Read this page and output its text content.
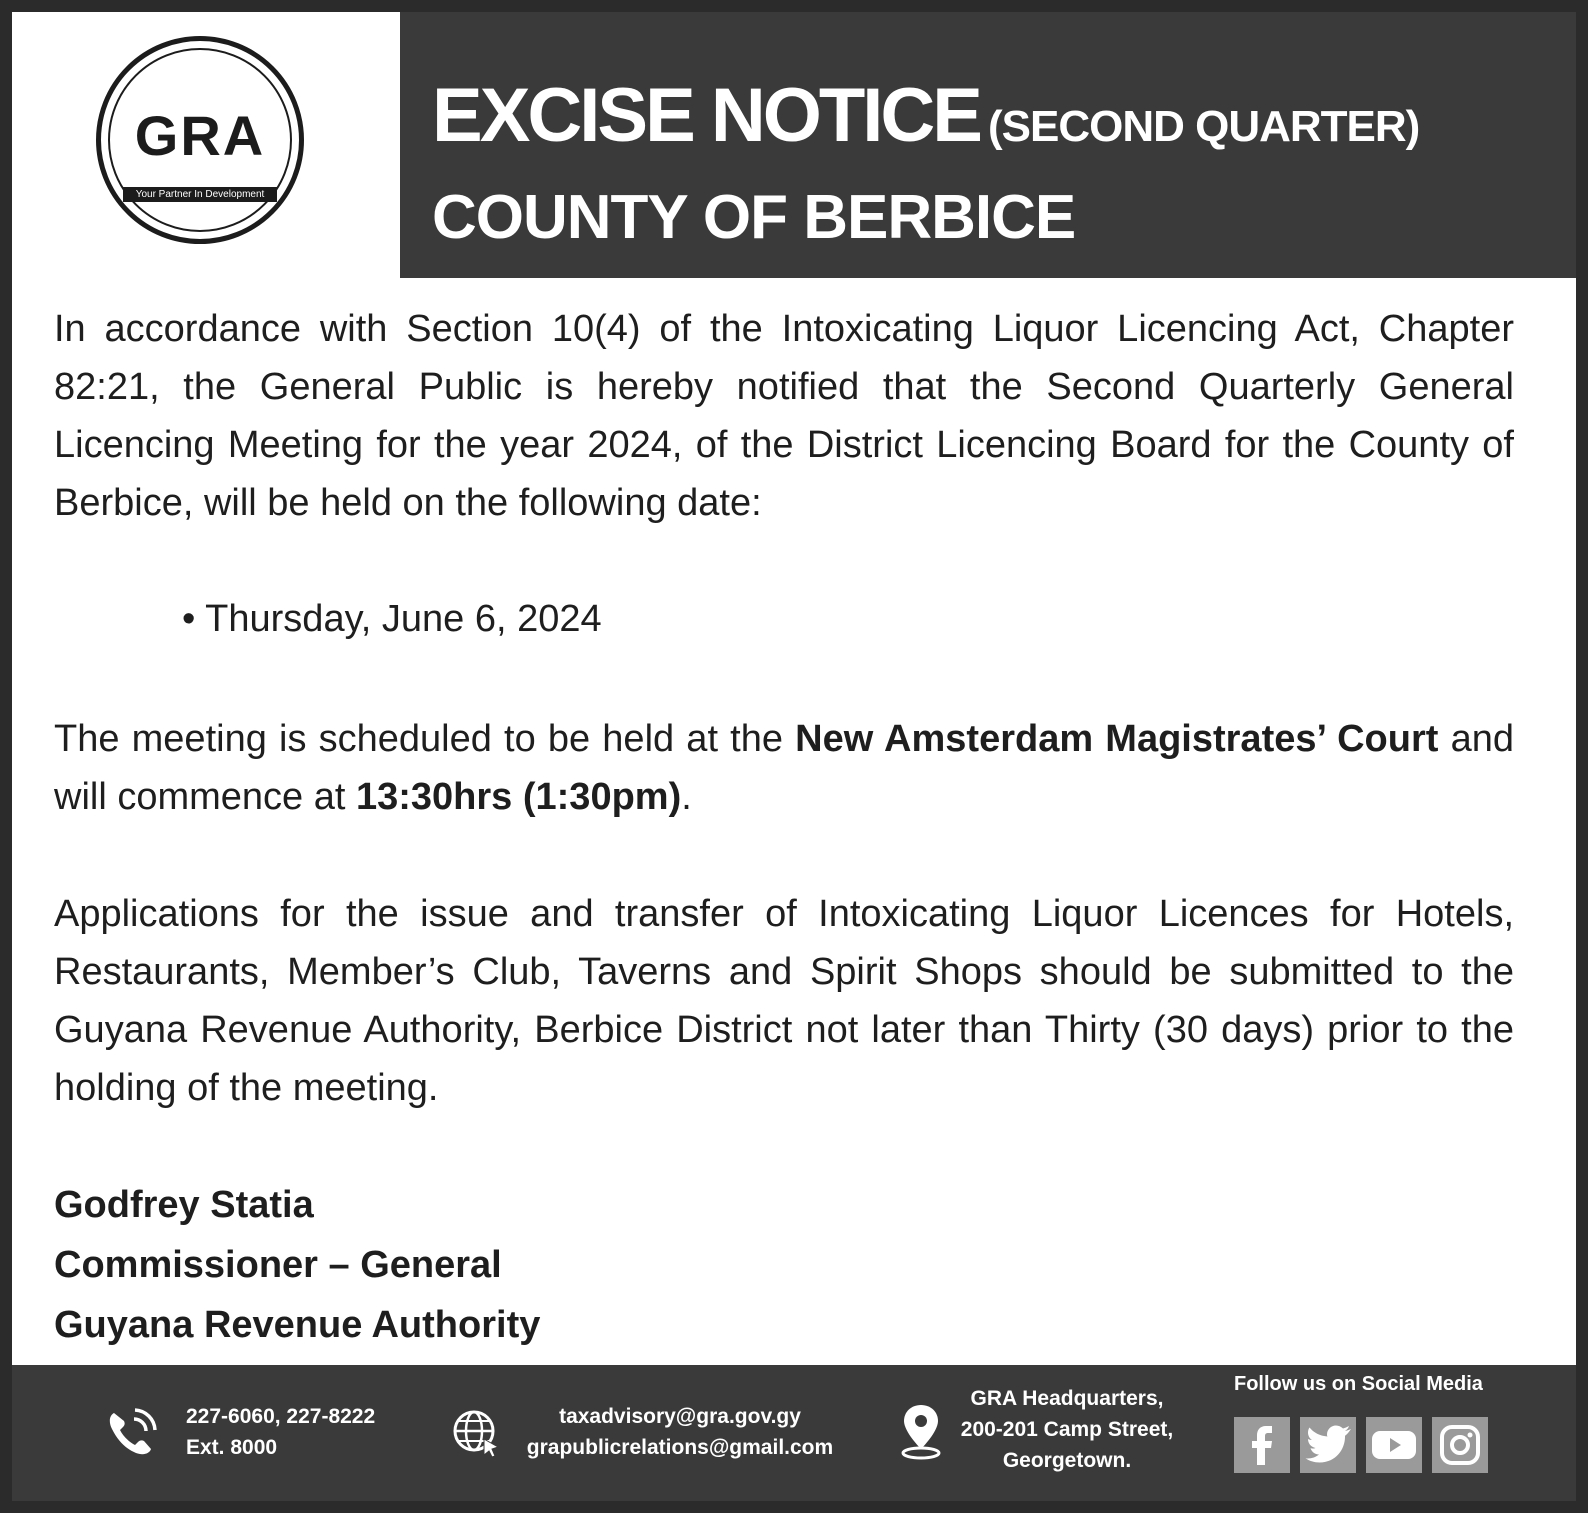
GRA
Your Partner In Development
EXCISE NOTICE (SECOND QUARTER)
COUNTY OF BERBICE

In accordance with Section 10(4) of the Intoxicating Liquor Licencing Act, Chapter 82:21, the General Public is hereby notified that the Second Quarterly General Licencing Meeting for the year 2024, of the District Licencing Board for the County of Berbice, will be held on the following date:

• Thursday, June 6, 2024

The meeting is scheduled to be held at the New Amsterdam Magistrates’ Court and will commence at 13:30hrs (1:30pm).

Applications for the issue and transfer of Intoxicating Liquor Licences for Hotels, Restaurants, Member’s Club, Taverns and Spirit Shops should be submitted to the Guyana Revenue Authority, Berbice District not later than Thirty (30 days) prior to the holding of the meeting.

Godfrey Statia
Commissioner – General
Guyana Revenue Authority
227-6060, 227-8222
Ext. 8000
taxadvisory@gra.gov.gy
grapublicrelations@gmail.com
GRA Headquarters,
200-201 Camp Street,
Georgetown.
Follow us on Social Media
